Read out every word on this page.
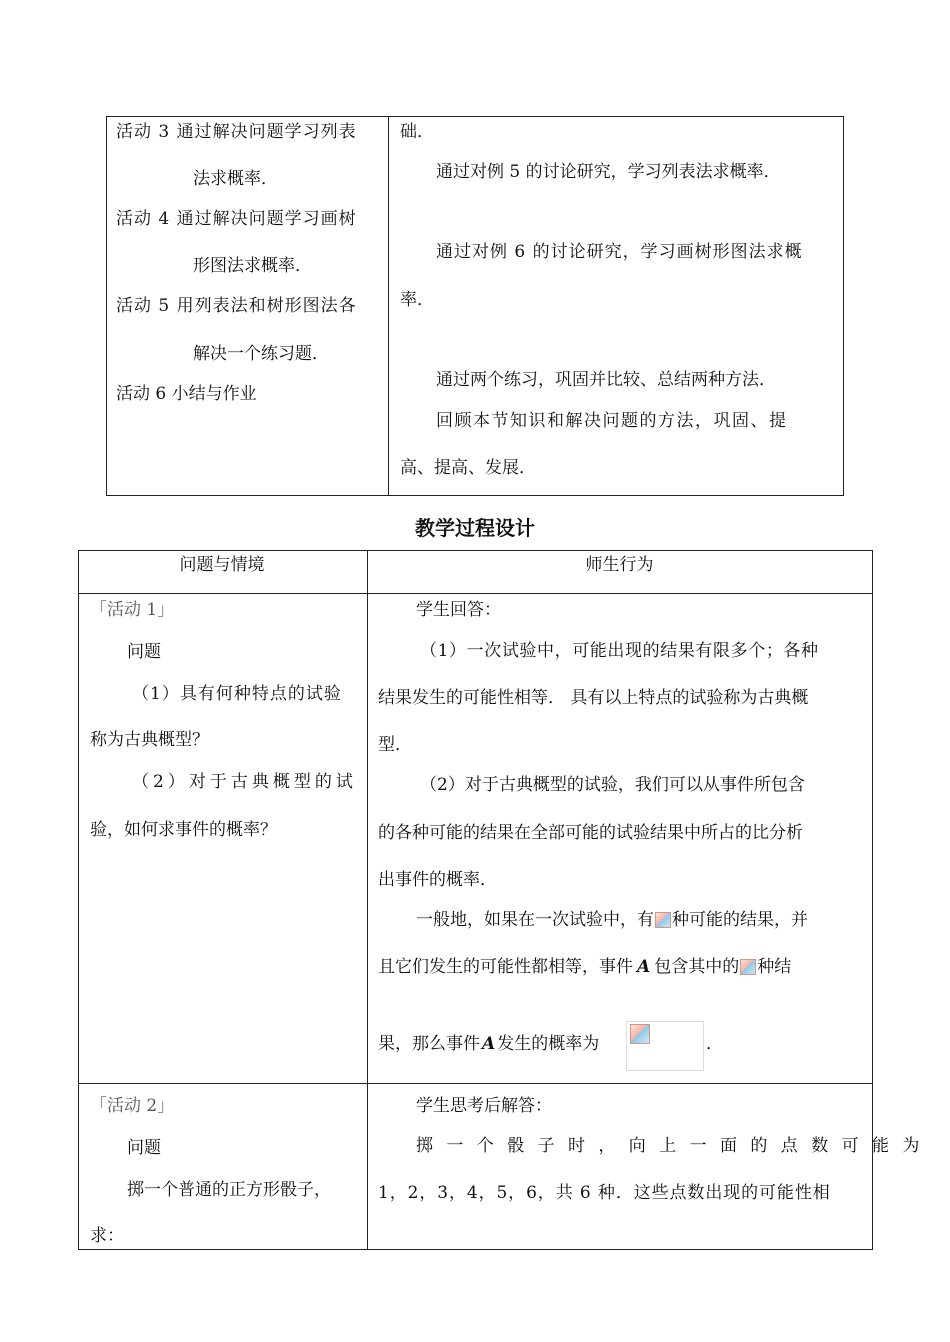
活动 3 通过解决问题学习列表
法求概率．
活动 4 通过解决问题学习画树
形图法求概率．
活动 5 用列表法和树形图法各
解决一个练习题．
活动 6 小结与作业
础．
通过对例 5 的讨论研究，学习列表法求概率．
通过对例 6 的讨论研究，学习画树形图法求概
率．
通过两个练习，巩固并比较、总结两种方法．
回顾本节知识和解决问题的方法，巩固、提
高、提高、发展．
教学过程设计
问题与情境	师生行为
「活动 1」
问题
（1）具有何种特点的试验
称为古典概型？
（2）对于古典概型的试
验，如何求事件的概率？
学生回答：
（1）一次试验中，可能出现的结果有限多个；各种
结果发生的可能性相等． 具有以上特点的试验称为古典概
型．
（2）对于古典概型的试验，我们可以从事件所包含
的各种可能的结果在全部可能的试验结果中所占的比分析
出事件的概率．
一般地，如果在一次试验中，有 种可能的结果，并
且它们发生的可能性都相等，事件 A 包含其中的 种结
果，那么事件 A 发生的概率为	．
「活动 2」
问题
掷一个普通的正方形骰子，
求：
学生思考后解答：
掷一个骰子时，向上一面的点数可能为
1，2，3，4，5，6，共 6 种．这些点数出现的可能性相
